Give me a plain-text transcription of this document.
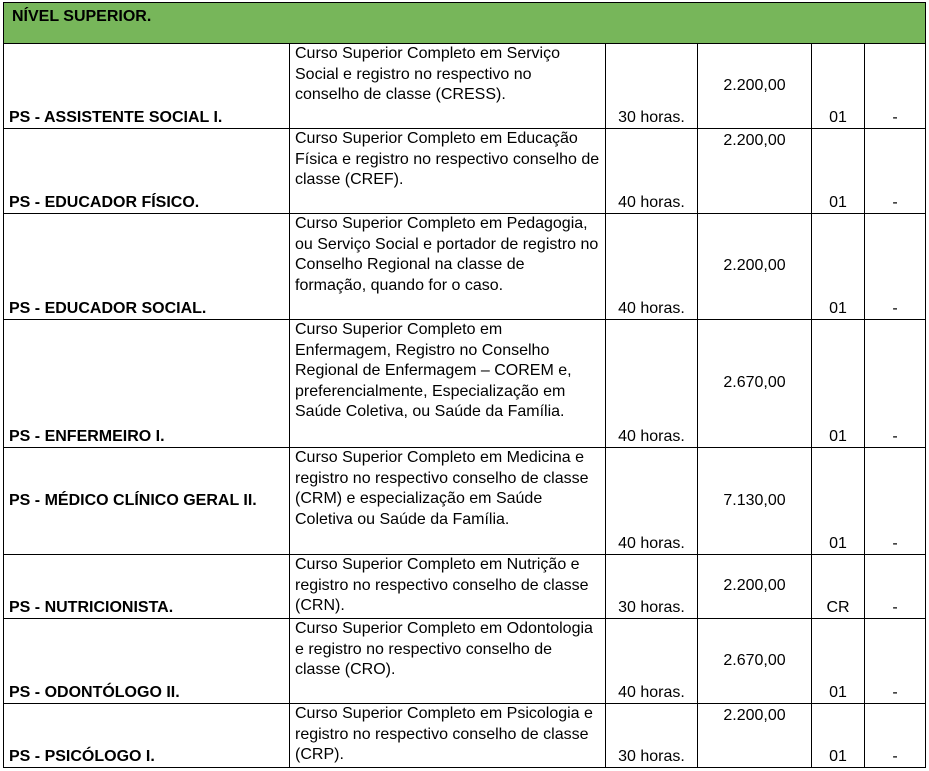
NÍVEL SUPERIOR.					
PS - ASSISTENTE SOCIAL I.	Curso Superior Completo em Serviço Social e registro no respectivo no conselho de classe (CRESS).	30 horas.	2.200,00	01	-
PS - EDUCADOR FÍSICO.	Curso Superior Completo em Educação Física e registro no respectivo conselho de classe (CREF).	40 horas.	2.200,00	01	-
PS - EDUCADOR SOCIAL.	Curso Superior Completo em Pedagogia, ou Serviço Social e portador de registro no Conselho Regional na classe de formação, quando for o caso.	40 horas.	2.200,00	01	-
PS - ENFERMEIRO I.	Curso Superior Completo em Enfermagem, Registro no Conselho Regional de Enfermagem – COREM e, preferencialmente, Especialização em Saúde Coletiva, ou Saúde da Família.	40 horas.	2.670,00	01	-
PS - MÉDICO CLÍNICO GERAL II.	Curso Superior Completo em Medicina e registro no respectivo conselho de classe (CRM) e especialização em Saúde Coletiva ou Saúde da Família.	40 horas.	7.130,00	01	-
PS - NUTRICIONISTA.	Curso Superior Completo em Nutrição e registro no respectivo conselho de classe (CRN).	30 horas.	2.200,00	CR	-
PS - ODONTÓLOGO II.	Curso Superior Completo em Odontologia e registro no respectivo conselho de classe (CRO).	40 horas.	2.670,00	01	-
PS - PSICÓLOGO I.	Curso Superior Completo em Psicologia e registro no respectivo conselho de classe (CRP).	30 horas.	2.200,00	01	-
